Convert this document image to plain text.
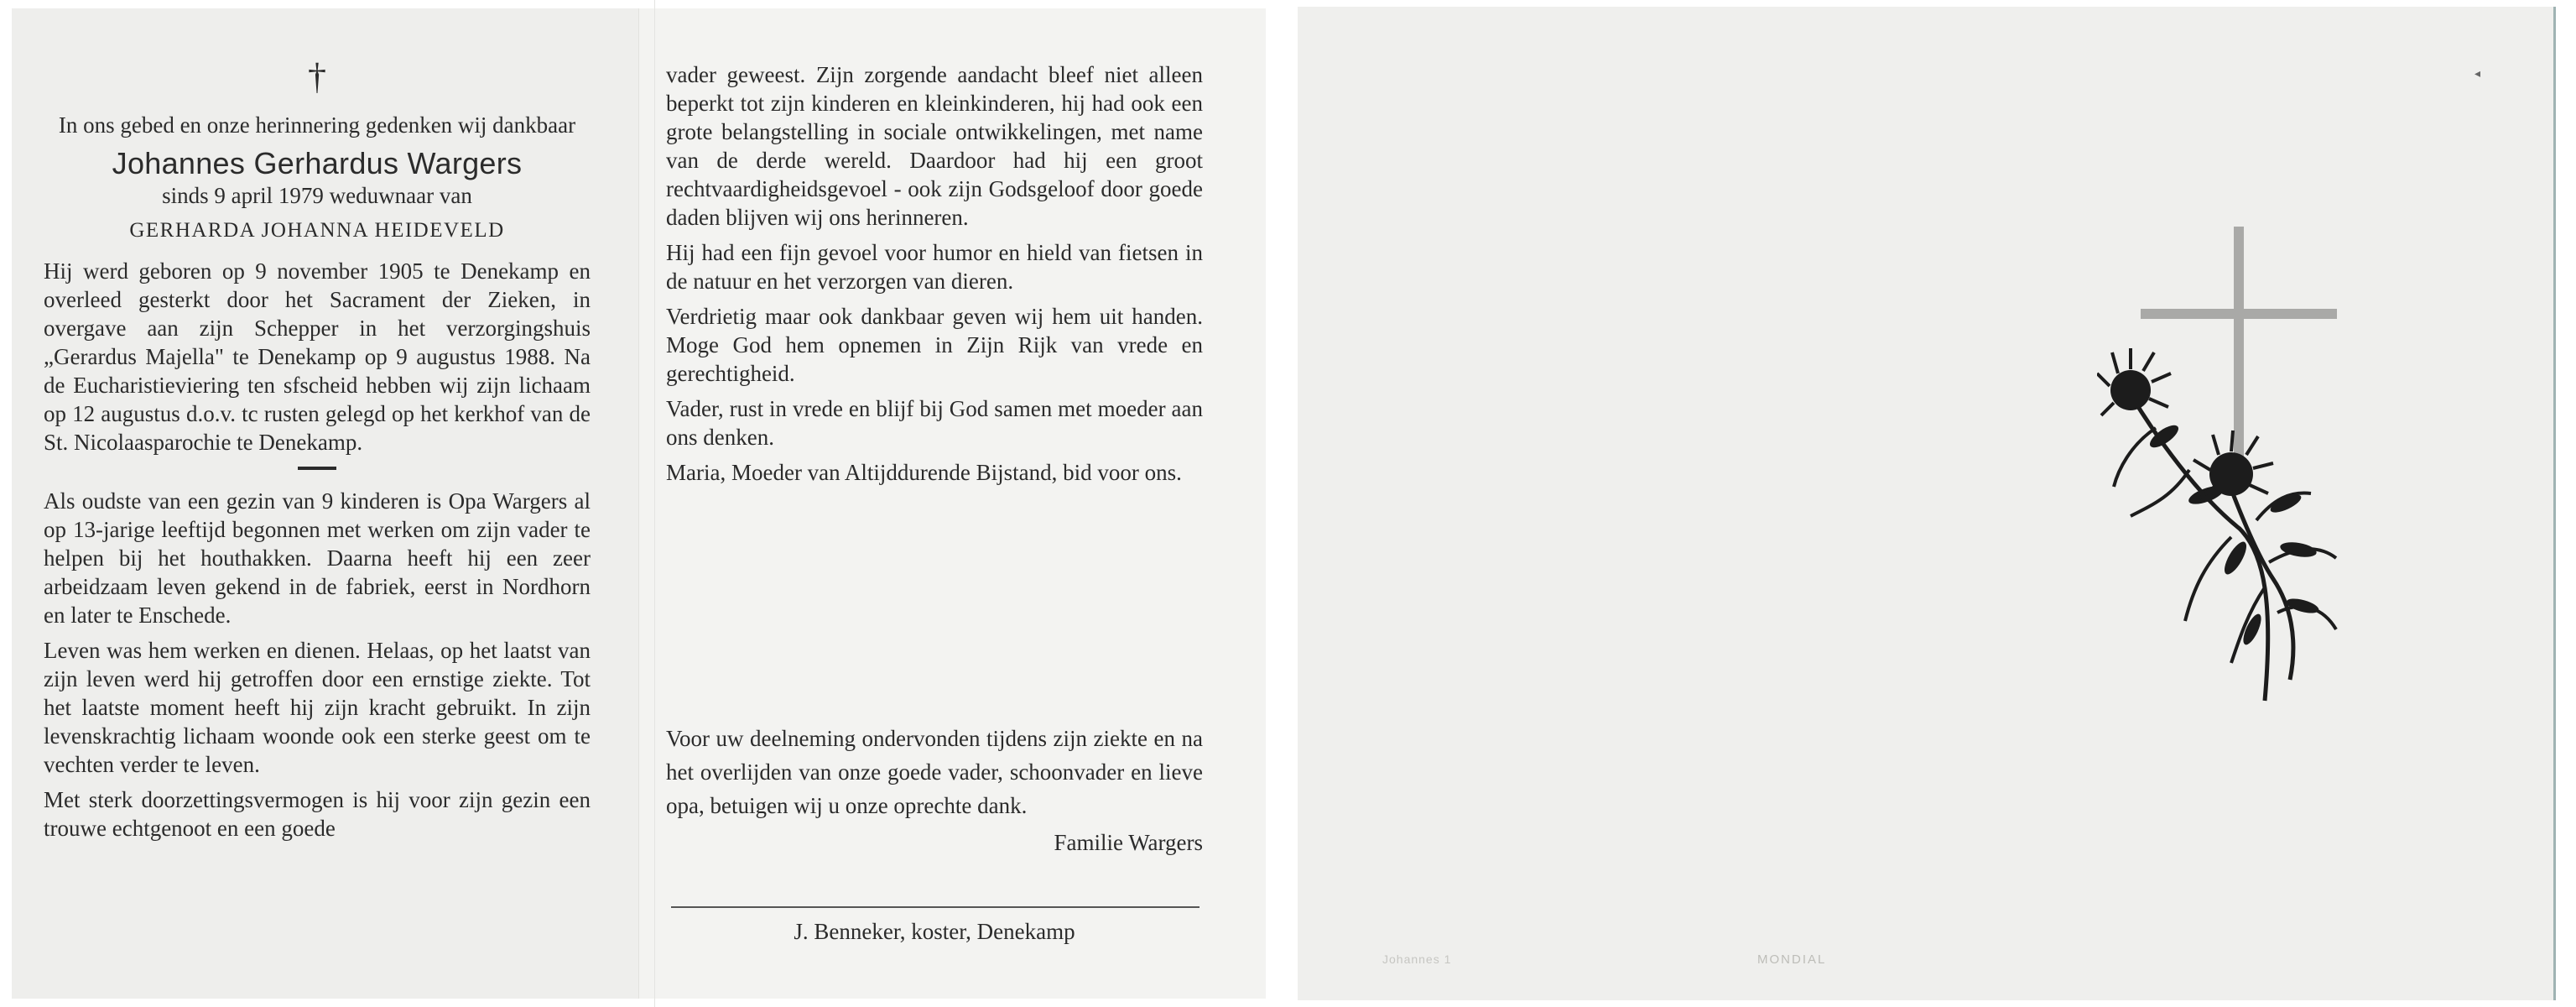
†

In ons gebed en onze herinnering gedenken wij dankbaar

Johannes Gerhardus Wargers

sinds 9 april 1979 weduwnaar van

GERHARDA JOHANNA HEIDEVELD

Hij werd geboren op 9 november 1905 te Denekamp en overleed gesterkt door het Sacrament der Zieken, in overgave aan zijn Schepper in het verzorgingshuis „Gerardus Majella" te Denekamp op 9 augustus 1988. Na de Eucharistieviering ten sfscheid hebben wij zijn lichaam op 12 augustus d.o.v. tc rusten gelegd op het kerkhof van de St. Nicolaasparochie te Denekamp.

Als oudste van een gezin van 9 kinderen is Opa Wargers al op 13-jarige leeftijd begonnen met werken om zijn vader te helpen bij het houthakken. Daarna heeft hij een zeer arbeidzaam leven gekend in de fabriek, eerst in Nordhorn en later te Enschede.

Leven was hem werken en dienen. Helaas, op het laatst van zijn leven werd hij getroffen door een ernstige ziekte. Tot het laatste moment heeft hij zijn kracht gebruikt. In zijn levenskrachtig lichaam woonde ook een sterke geest om te vechten verder te leven.

Met sterk doorzettingsvermogen is hij voor zijn gezin een trouwe echtgenoot en een goede

vader geweest. Zijn zorgende aandacht bleef niet alleen beperkt tot zijn kinderen en kleinkinderen, hij had ook een grote belangstelling in sociale ontwikkelingen, met name van de derde wereld. Daardoor had hij een groot rechtvaardigheidsgevoel - ook zijn Godsgeloof door goede daden blijven wij ons herinneren.

Hij had een fijn gevoel voor humor en hield van fietsen in de natuur en het verzorgen van dieren.

Verdrietig maar ook dankbaar geven wij hem uit handen. Moge God hem opnemen in Zijn Rijk van vrede en gerechtigheid.

Vader, rust in vrede en blijf bij God samen met moeder aan ons denken.

Maria, Moeder van Altijddurende Bijstand, bid voor ons.

Voor uw deelneming ondervonden tijdens zijn ziekte en na het overlijden van onze goede vader, schoonvader en lieve opa, betuigen wij u onze oprechte dank.
Familie Wargers
J. Benneker, koster, Denekamp
◂
Johannes 1	MONDIAL
